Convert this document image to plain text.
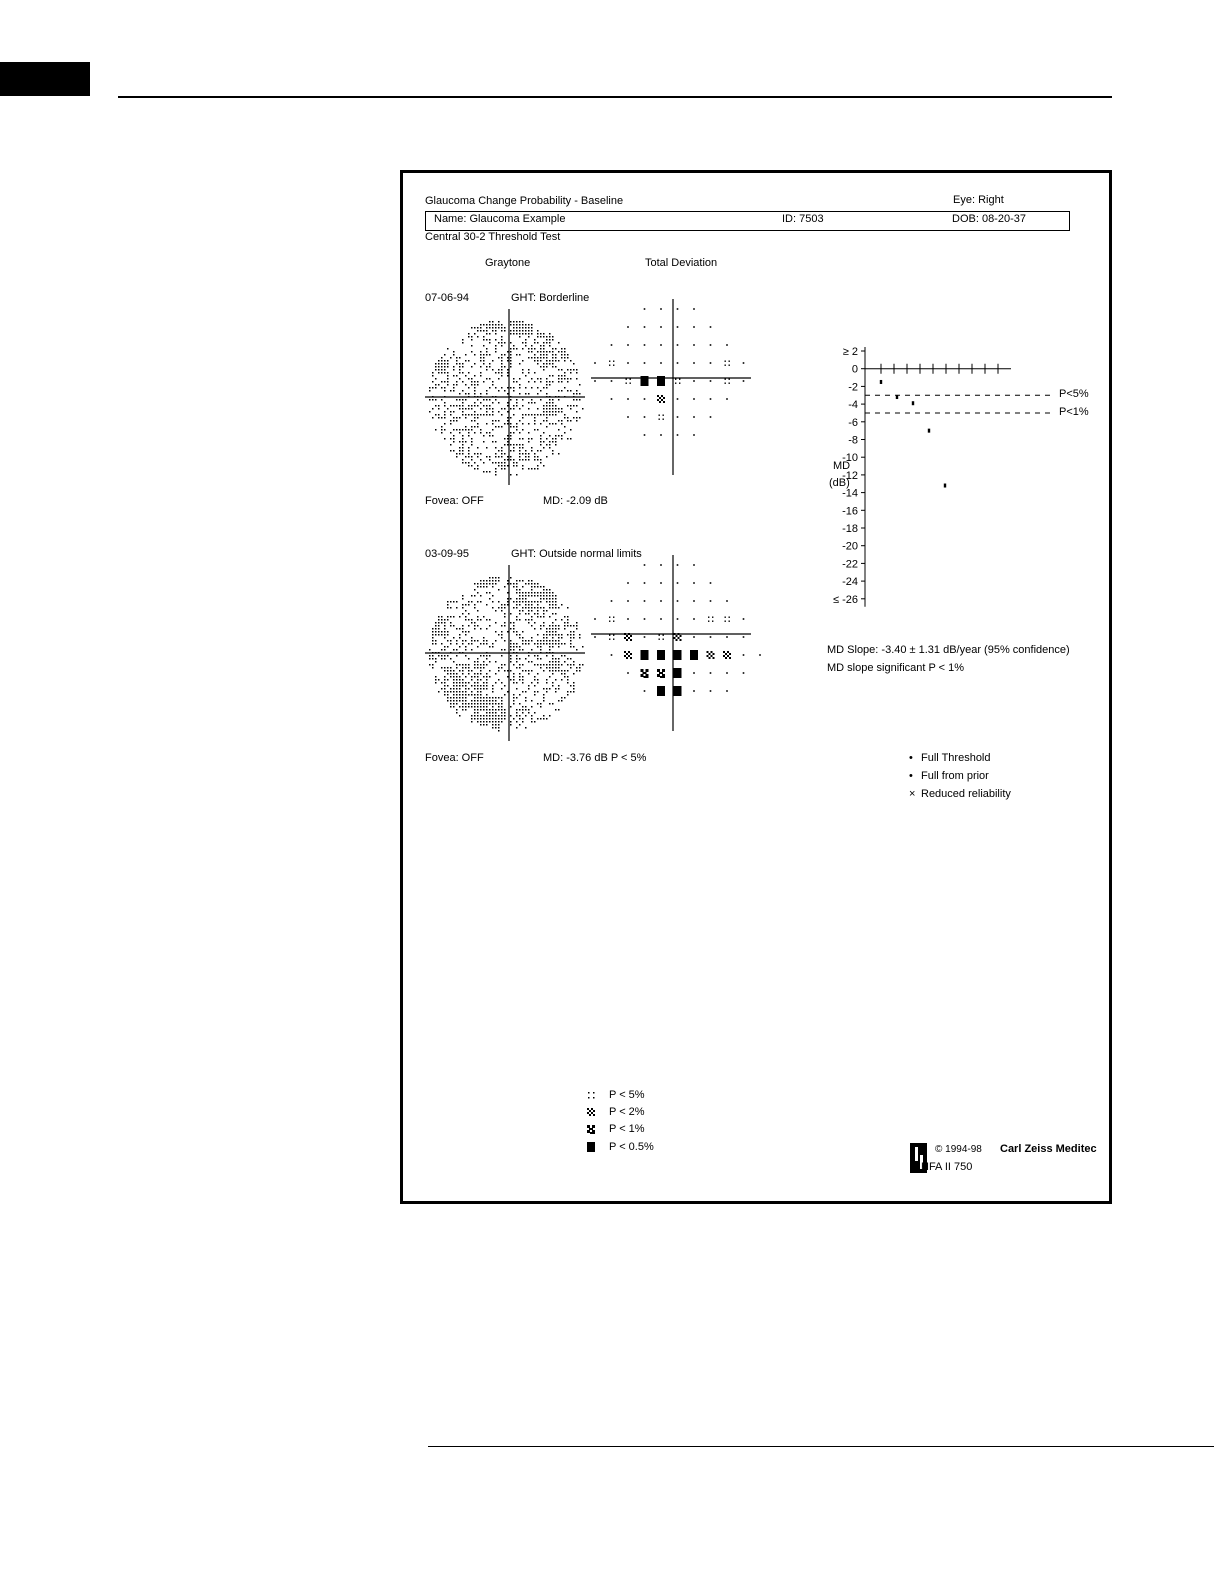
Glaucoma Change Probability - Baseline	Eye: Right
Name: Glaucoma Example	ID: 7503	DOB: 08-20-37
Central 30-2 Threshold Test
Graytone	Total Deviation
07-06-94	GHT: Borderline
Fovea: OFF	MD: -2.09 dB
03-09-95	GHT: Outside normal limits
Fovea: OFF	MD: -3.76 dB P < 5%
≥ 2
0
-2
-4
-6
-8
-10
-12
-14
-16
-18
-20
-22
-24
≤ -26
MD
(dB)
P<5%
P<1%
MD Slope: -3.40 ± 1.31 dB/year (95% confidence)
MD slope significant P < 1%
• Full Threshold
• Full from prior
× Reduced reliability
P < 5%
P < 2%
P < 1%
P < 0.5%	© 1994-98 Carl Zeiss Meditec
HFA II 750
